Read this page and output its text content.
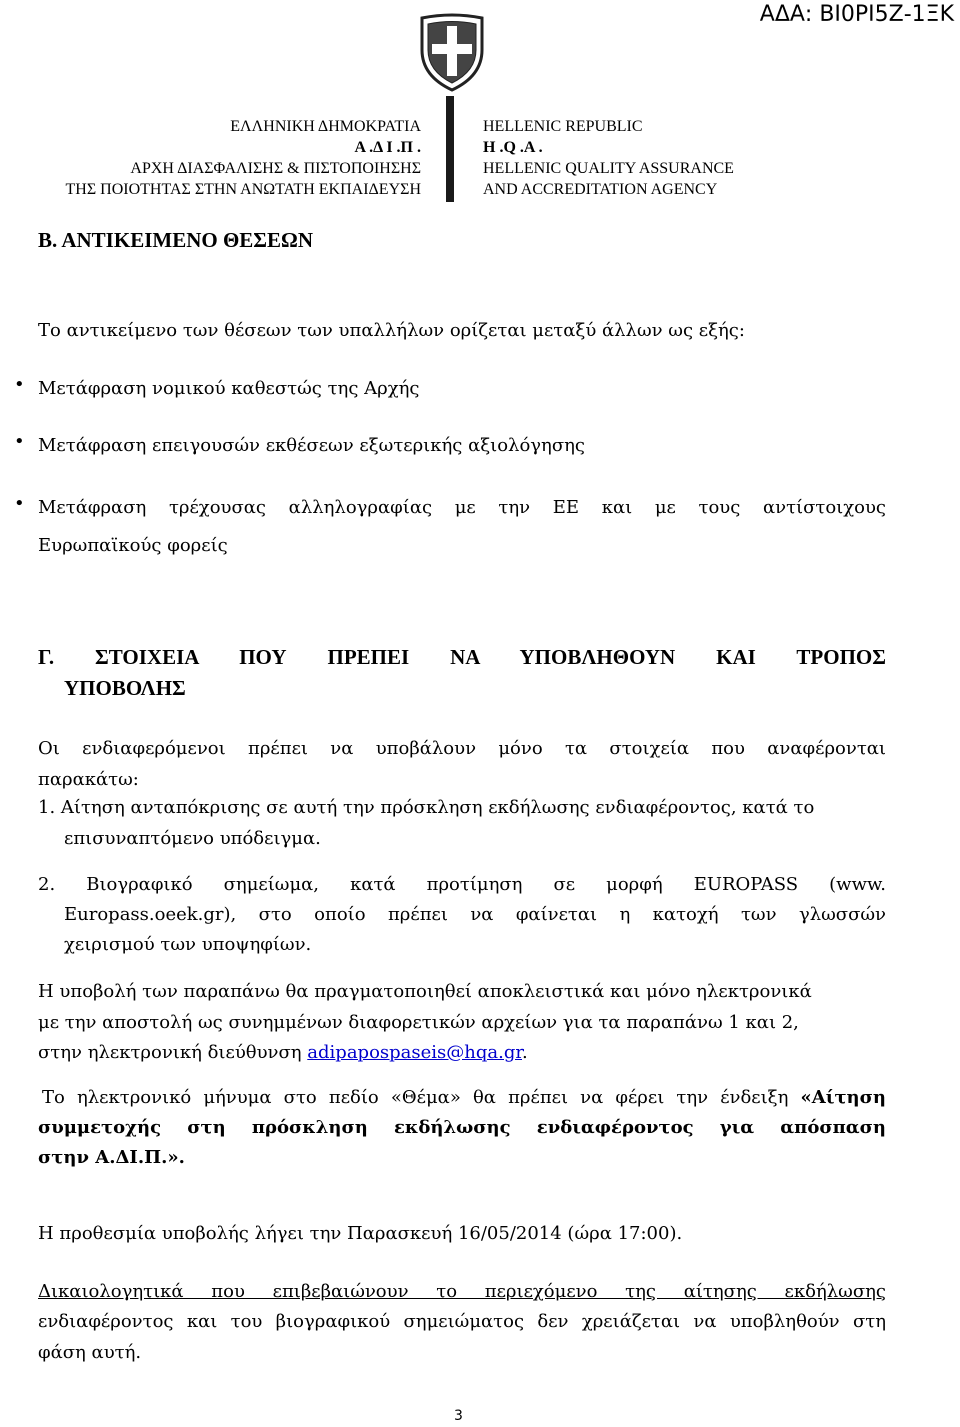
ΑΔΑ: ΒΙ0ΡΙ5Ζ-1ΞΚ
ΕΛΛΗΝΙΚΗ ΔΗΜΟΚΡΑΤΙΑ
Α .Δ Ι .Π .
ΑΡΧΗ ΔΙΑΣΦΑΛΙΣΗΣ & ΠΙΣΤΟΠΟΙΗΣΗΣ
ΤΗΣ ΠΟΙΟΤΗΤΑΣ ΣΤΗΝ ΑΝΩΤΑΤΗ ΕΚΠΑΙΔΕΥΣΗ
HELLENIC REPUBLIC
H .Q .A .
HELLENIC QUALITY ASSURANCE
AND ACCREDITATION AGENCY
Β. ΑΝΤΙΚΕΙΜΕΝΟ ΘΕΣΕΩΝ
Το αντικείμενο των θέσεων των υπαλλήλων ορίζεται μεταξύ άλλων ως εξής:
• Μετάφραση νομικού καθεστώς της Αρχής
• Μετάφραση επειγουσών εκθέσεων εξωτερικής αξιολόγησης
• Μετάφραση τρέχουσας αλληλογραφίας με την ΕΕ και με τους αντίστοιχους
Ευρωπαϊκούς φορείς
Γ. ΣΤΟΙΧΕΙΑ ΠΟΥ ΠΡΕΠΕΙ ΝΑ ΥΠΟΒΛΗΘΟΥΝ ΚΑΙ ΤΡΟΠΟΣ
ΥΠΟΒΟΛΗΣ
Οι ενδιαφερόμενοι πρέπει να υποβάλουν μόνο τα στοιχεία που αναφέρονται
παρακάτω:
1. Αίτηση ανταπόκρισης σε αυτή την πρόσκληση εκδήλωσης ενδιαφέροντος, κατά το
επισυναπτόμενο υπόδειγμα.
2. Βιογραφικό σημείωμα, κατά προτίμηση σε μορφή EUROPASS (www.
Europass.oeek.gr), στο οποίο πρέπει να φαίνεται η κατοχή των γλωσσών
χειρισμού των υποψηφίων.
Η υποβολή των παραπάνω θα πραγματοποιηθεί αποκλειστικά και μόνο ηλεκτρονικά
με την αποστολή ως συνημμένων διαφορετικών αρχείων για τα παραπάνω 1 και 2,
στην ηλεκτρονική διεύθυνση adipapospaseis@hqa.gr.
Το ηλεκτρονικό μήνυμα στο πεδίο «Θέμα» θα πρέπει να φέρει την ένδειξη «Αίτηση
συμμετοχής στη πρόσκληση εκδήλωσης ενδιαφέροντος για απόσπαση
στην Α.ΔΙ.Π.».
Η προθεσμία υποβολής λήγει την Παρασκευή 16/05/2014 (ώρα 17:00).
Δικαιολογητικά που επιβεβαιώνουν το περιεχόμενο της αίτησης εκδήλωσης
ενδιαφέροντος και του βιογραφικού σημειώματος δεν χρειάζεται να υποβληθούν στη
φάση αυτή.
3
